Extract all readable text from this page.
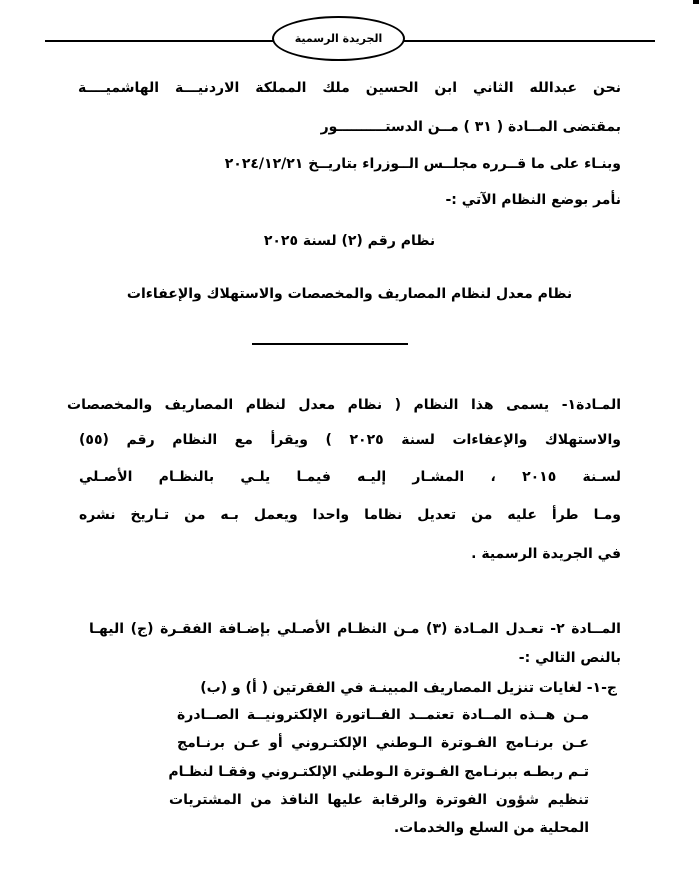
الجريدة الرسمية
نحن عبدالله الثاني ابن الحسين ملك المملكة الاردنيـــة الهاشميــــة
بمقتضى المــادة ( ٣١ ) مــن الدستــــــــــور
وبنـاء على ما قــرره مجلــس الــوزراء بتاريــخ ٢٠٢٤/١٢/٢١
نأمر بوضع النظام الآتي :-
نظام رقم (٢) لسنة ٢٠٢٥
نظام معدل لنظام المصاريف والمخصصات والاستهلاك والإعفاءات
المـادة١- يسمى هذا النظام ( نظام معدل لنظام المصاريف والمخصصات
والاستهلاك والإعفاءات لسنة ٢٠٢٥ ) ويقرأ مع النظام رقم (٥٥)
لسـنة ٢٠١٥ ، المشـار إليـه فيمـا يلـي بالنظـام الأصـلي
ومـا طرأ عليه من تعديل نظاما واحدا ويعمل بـه من تـاريخ نشره
في الجريدة الرسمية .
المــادة ٢- تعـدل المـادة (٣) مـن النظـام الأصـلي بإضـافة الفقـرة (ج) اليهـا
بالنص التالي :-
ج-١- لغايات تنزيل المصاريف المبينـة في الفقرتين ( أ) و (ب)
مـن هــذه المــادة تعتمــد الفــاتورة الإلكترونيــة الصــادرة
عـن برنـامج الفـوترة الـوطني الإلكتـروني أو عـن برنـامج
تـم ربطـه ببرنـامج الفـوترة الـوطني الإلكتـروني وفقـا لنظـام
تنظيم شؤون الفوترة والرقابة عليها النافذ من المشتريات
المحلية من السلع والخدمات.
